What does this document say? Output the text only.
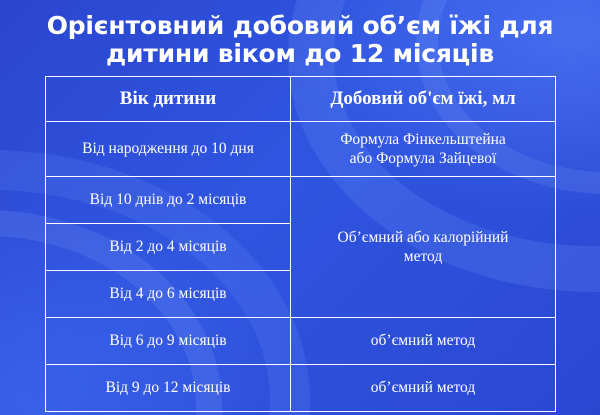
Орієнтовний добовий об’єм їжі для дитини віком до 12 місяців
Вік дитини	Добовий об'єм їжі, мл
Від народження до 10 дня	Формула Фінкельштейна
або Формула Зайцевої

Від 10 днів до 2 місяців	Об’ємний або калорійний
метод

Від 2 до 4 місяців	
Від 4 до 6 місяців	
Від 6 до 9 місяців	об’ємний метод
Від 9 до 12 місяців	об’ємний метод
